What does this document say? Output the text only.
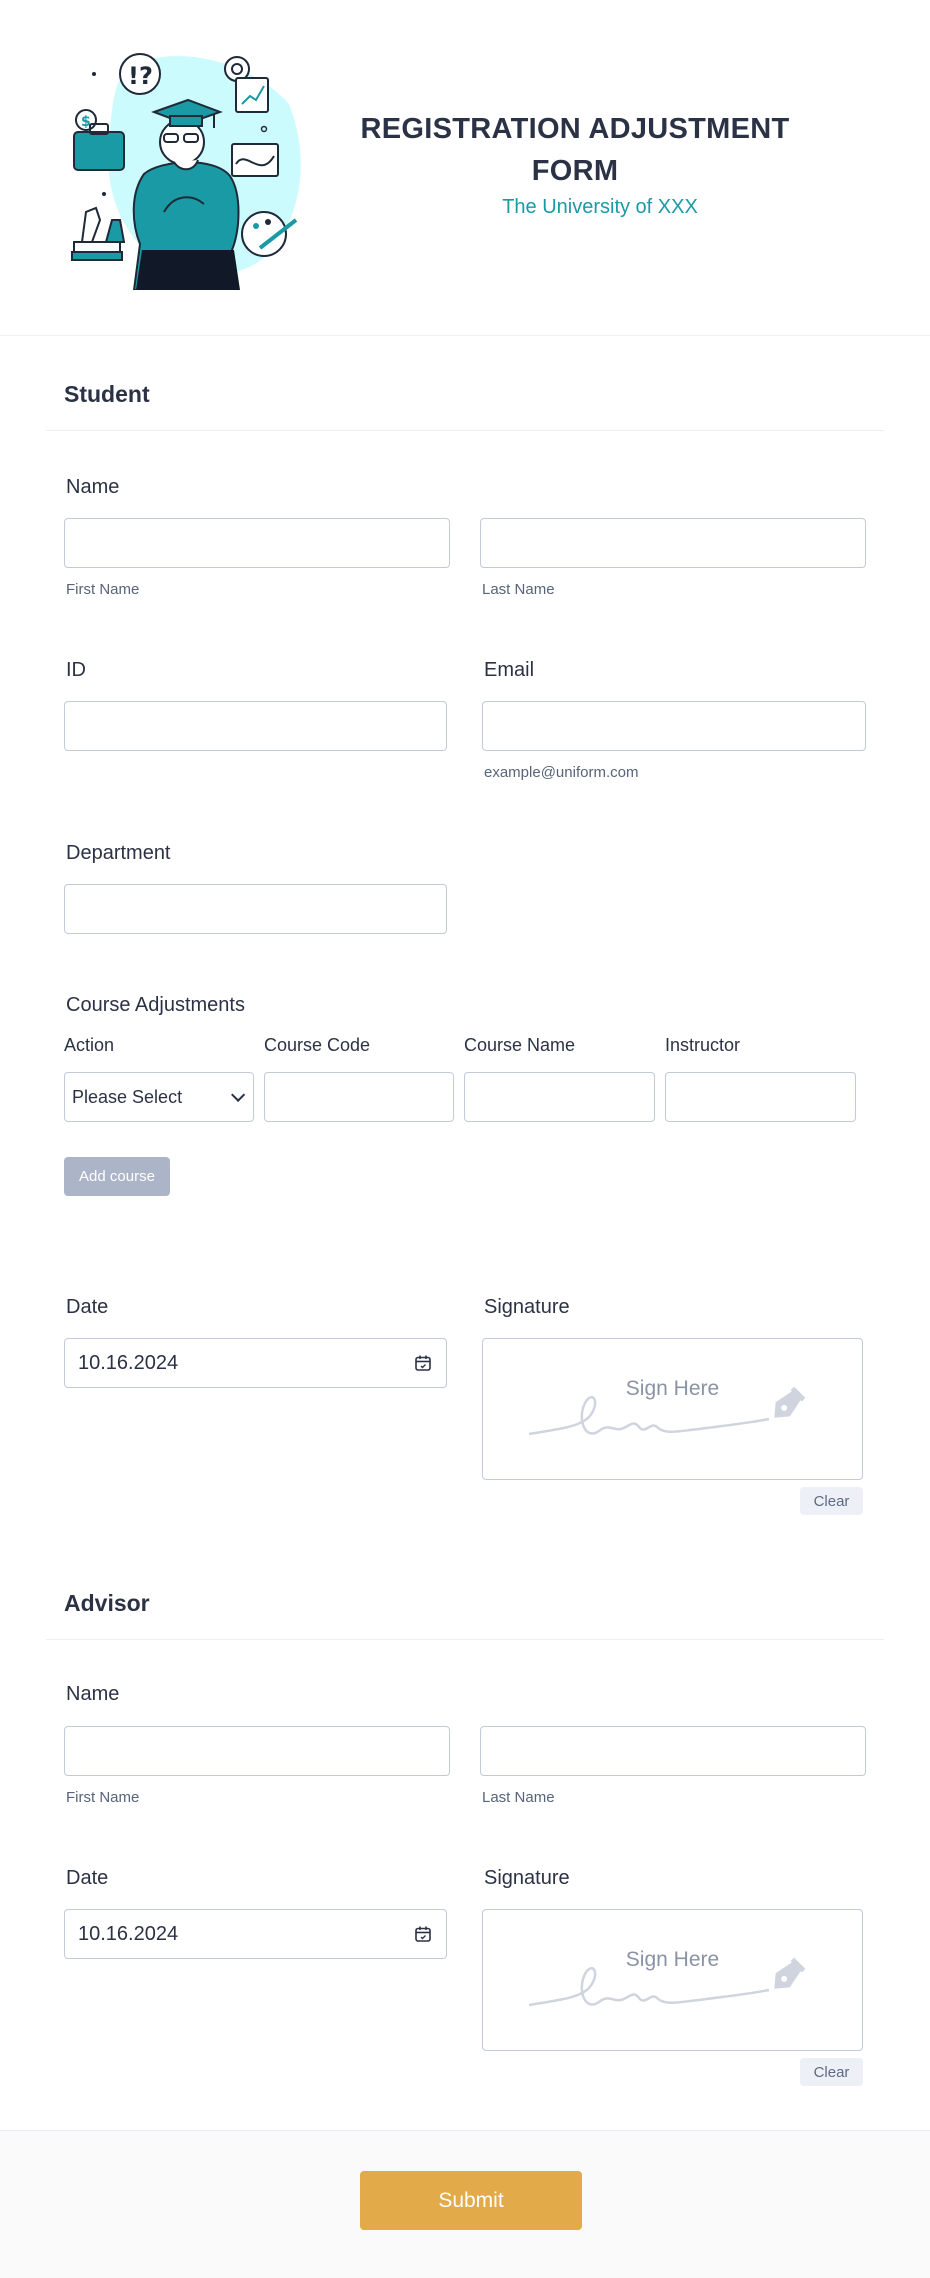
!?
$	REGISTRATION ADJUSTMENT FORM
The University of XXX
Student
Name
First Name	Last Name
ID	Email
example@uniform.com
Department
Course Adjustments
Action	Course Code	Course Name	Instructor
Please Select
Add course
Date
10.16.2024
Signature
Sign Here
Clear
Advisor
Name
First Name	Last Name
Date
10.16.2024
Signature
Sign Here
Clear
Submit
